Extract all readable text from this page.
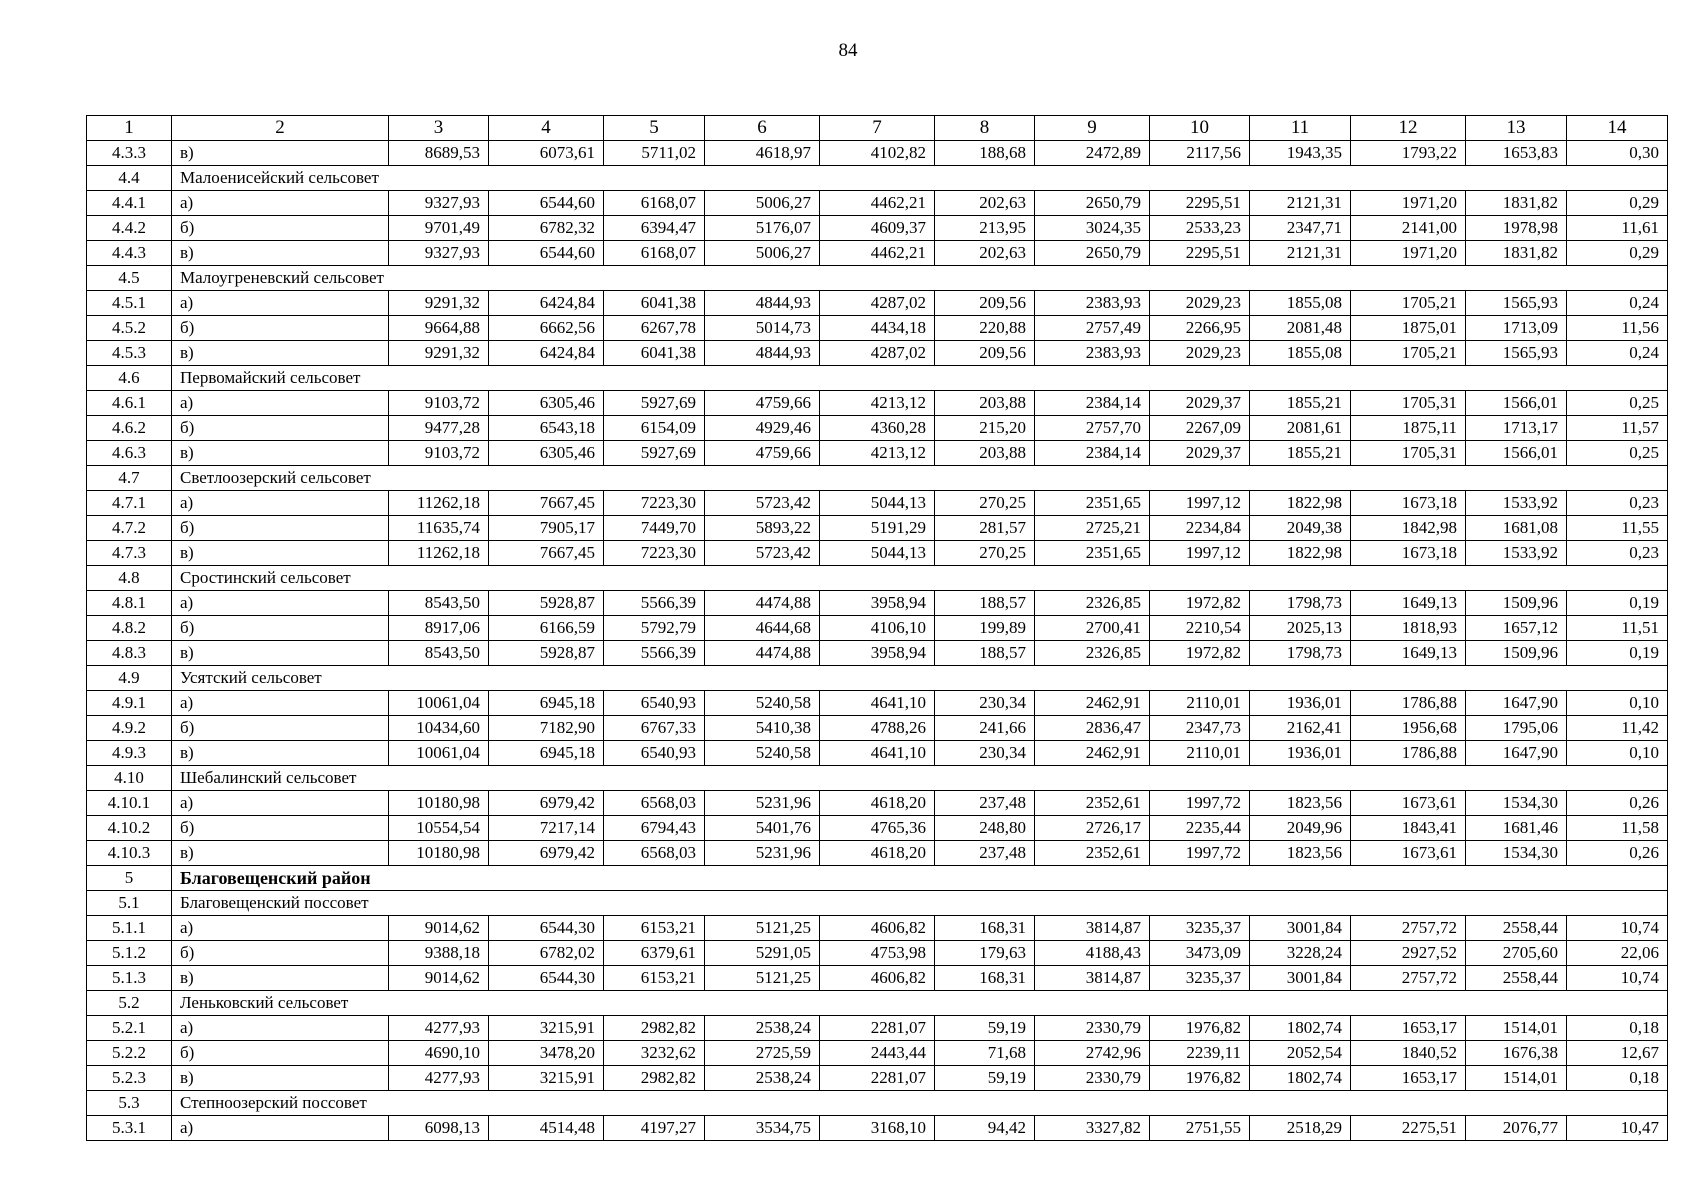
84
1	2	3	4	5	6	7	8	9	10	11	12	13	14
4.3.3	в)	8689,53	6073,61	5711,02	4618,97	4102,82	188,68	2472,89	2117,56	1943,35	1793,22	1653,83	0,30
4.4	Малоенисейский сельсовет												
4.4.1	а)	9327,93	6544,60	6168,07	5006,27	4462,21	202,63	2650,79	2295,51	2121,31	1971,20	1831,82	0,29
4.4.2	б)	9701,49	6782,32	6394,47	5176,07	4609,37	213,95	3024,35	2533,23	2347,71	2141,00	1978,98	11,61
4.4.3	в)	9327,93	6544,60	6168,07	5006,27	4462,21	202,63	2650,79	2295,51	2121,31	1971,20	1831,82	0,29
4.5	Малоугреневский сельсовет												
4.5.1	а)	9291,32	6424,84	6041,38	4844,93	4287,02	209,56	2383,93	2029,23	1855,08	1705,21	1565,93	0,24
4.5.2	б)	9664,88	6662,56	6267,78	5014,73	4434,18	220,88	2757,49	2266,95	2081,48	1875,01	1713,09	11,56
4.5.3	в)	9291,32	6424,84	6041,38	4844,93	4287,02	209,56	2383,93	2029,23	1855,08	1705,21	1565,93	0,24
4.6	Первомайский сельсовет												
4.6.1	а)	9103,72	6305,46	5927,69	4759,66	4213,12	203,88	2384,14	2029,37	1855,21	1705,31	1566,01	0,25
4.6.2	б)	9477,28	6543,18	6154,09	4929,46	4360,28	215,20	2757,70	2267,09	2081,61	1875,11	1713,17	11,57
4.6.3	в)	9103,72	6305,46	5927,69	4759,66	4213,12	203,88	2384,14	2029,37	1855,21	1705,31	1566,01	0,25
4.7	Светлоозерский сельсовет												
4.7.1	а)	11262,18	7667,45	7223,30	5723,42	5044,13	270,25	2351,65	1997,12	1822,98	1673,18	1533,92	0,23
4.7.2	б)	11635,74	7905,17	7449,70	5893,22	5191,29	281,57	2725,21	2234,84	2049,38	1842,98	1681,08	11,55
4.7.3	в)	11262,18	7667,45	7223,30	5723,42	5044,13	270,25	2351,65	1997,12	1822,98	1673,18	1533,92	0,23
4.8	Сростинский сельсовет												
4.8.1	а)	8543,50	5928,87	5566,39	4474,88	3958,94	188,57	2326,85	1972,82	1798,73	1649,13	1509,96	0,19
4.8.2	б)	8917,06	6166,59	5792,79	4644,68	4106,10	199,89	2700,41	2210,54	2025,13	1818,93	1657,12	11,51
4.8.3	в)	8543,50	5928,87	5566,39	4474,88	3958,94	188,57	2326,85	1972,82	1798,73	1649,13	1509,96	0,19
4.9	Усятский сельсовет												
4.9.1	а)	10061,04	6945,18	6540,93	5240,58	4641,10	230,34	2462,91	2110,01	1936,01	1786,88	1647,90	0,10
4.9.2	б)	10434,60	7182,90	6767,33	5410,38	4788,26	241,66	2836,47	2347,73	2162,41	1956,68	1795,06	11,42
4.9.3	в)	10061,04	6945,18	6540,93	5240,58	4641,10	230,34	2462,91	2110,01	1936,01	1786,88	1647,90	0,10
4.10	Шебалинский сельсовет												
4.10.1	а)	10180,98	6979,42	6568,03	5231,96	4618,20	237,48	2352,61	1997,72	1823,56	1673,61	1534,30	0,26
4.10.2	б)	10554,54	7217,14	6794,43	5401,76	4765,36	248,80	2726,17	2235,44	2049,96	1843,41	1681,46	11,58
4.10.3	в)	10180,98	6979,42	6568,03	5231,96	4618,20	237,48	2352,61	1997,72	1823,56	1673,61	1534,30	0,26
5	Благовещенский район												
5.1	Благовещенский поссовет												
5.1.1	а)	9014,62	6544,30	6153,21	5121,25	4606,82	168,31	3814,87	3235,37	3001,84	2757,72	2558,44	10,74
5.1.2	б)	9388,18	6782,02	6379,61	5291,05	4753,98	179,63	4188,43	3473,09	3228,24	2927,52	2705,60	22,06
5.1.3	в)	9014,62	6544,30	6153,21	5121,25	4606,82	168,31	3814,87	3235,37	3001,84	2757,72	2558,44	10,74
5.2	Леньковский сельсовет												
5.2.1	а)	4277,93	3215,91	2982,82	2538,24	2281,07	59,19	2330,79	1976,82	1802,74	1653,17	1514,01	0,18
5.2.2	б)	4690,10	3478,20	3232,62	2725,59	2443,44	71,68	2742,96	2239,11	2052,54	1840,52	1676,38	12,67
5.2.3	в)	4277,93	3215,91	2982,82	2538,24	2281,07	59,19	2330,79	1976,82	1802,74	1653,17	1514,01	0,18
5.3	Степноозерский поссовет												
5.3.1	а)	6098,13	4514,48	4197,27	3534,75	3168,10	94,42	3327,82	2751,55	2518,29	2275,51	2076,77	10,47
